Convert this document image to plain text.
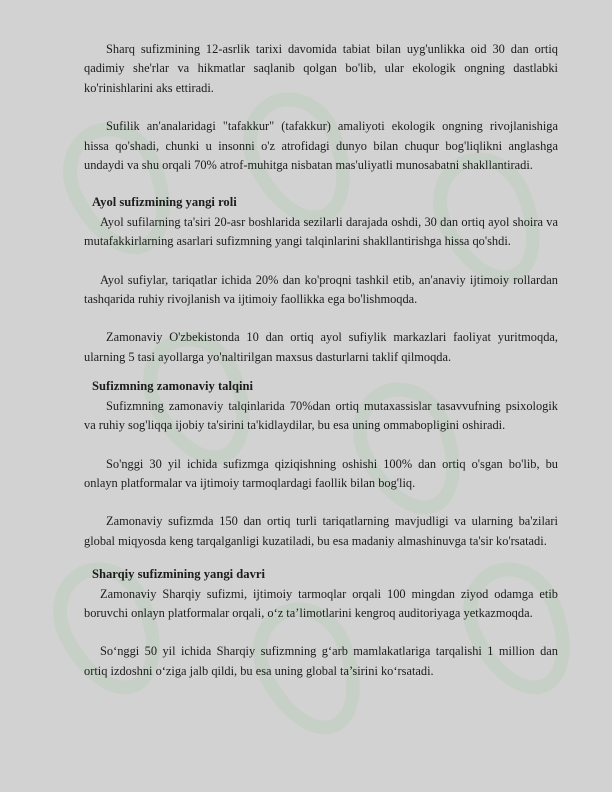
Sharq sufizmining 12-asrlik tarixi davomida tabiat bilan uyg'unlikka oid 30 dan ortiq qadimiy she'rlar va hikmatlar saqlanib qolgan bo'lib, ular ekologik ongning dastlabki ko'rinishlarini aks ettiradi.

Sufilik an'analaridagi "tafakkur" (tafakkur) amaliyoti ekologik ongning rivojlanishiga hissa qo'shadi, chunki u insonni o'z atrofidagi dunyo bilan chuqur bog'liqlikni anglashga undaydi va shu orqali 70% atrof-muhitga nisbatan mas'uliyatli munosabatni shakllantiradi.

Ayol sufizmining yangi roli

Ayol sufilarning ta'siri 20-asr boshlarida sezilarli darajada oshdi, 30 dan ortiq ayol shoira va mutafakkirlarning asarlari sufizmning yangi talqinlarini shakllantirishga hissa qo'shdi.

Ayol sufiylar, tariqatlar ichida 20% dan ko'proqni tashkil etib, an'anaviy ijtimoiy rollardan tashqarida ruhiy rivojlanish va ijtimoiy faollikka ega bo'lishmoqda.

Zamonaviy O'zbekistonda 10 dan ortiq ayol sufiylik markazlari faoliyat yuritmoqda, ularning 5 tasi ayollarga yo'naltirilgan maxsus dasturlarni taklif qilmoqda.

Sufizmning zamonaviy talqini

Sufizmning zamonaviy talqinlarida 70%dan ortiq mutaxassislar tasavvufning psixologik va ruhiy sog'liqqa ijobiy ta'sirini ta'kidlaydilar, bu esa uning ommabopligini oshiradi.

So'nggi 30 yil ichida sufizmga qiziqishning oshishi 100% dan ortiq o'sgan bo'lib, bu onlayn platformalar va ijtimoiy tarmoqlardagi faollik bilan bog'liq.

Zamonaviy sufizmda 150 dan ortiq turli tariqatlarning mavjudligi va ularning ba'zilari global miqyosda keng tarqalganligi kuzatiladi, bu esa madaniy almashinuvga ta'sir ko'rsatadi.

Sharqiy sufizmining yangi davri

Zamonaviy Sharqiy sufizmi, ijtimoiy tarmoqlar orqali 100 mingdan ziyod odamga etib boruvchi onlayn platformalar orqali, o‘z ta’limotlarini kengroq auditoriyaga yetkazmoqda.

So‘nggi 50 yil ichida Sharqiy sufizmning g‘arb mamlakatlariga tarqalishi 1 million dan ortiq izdoshni o‘ziga jalb qildi, bu esa uning global ta’sirini ko‘rsatadi.
